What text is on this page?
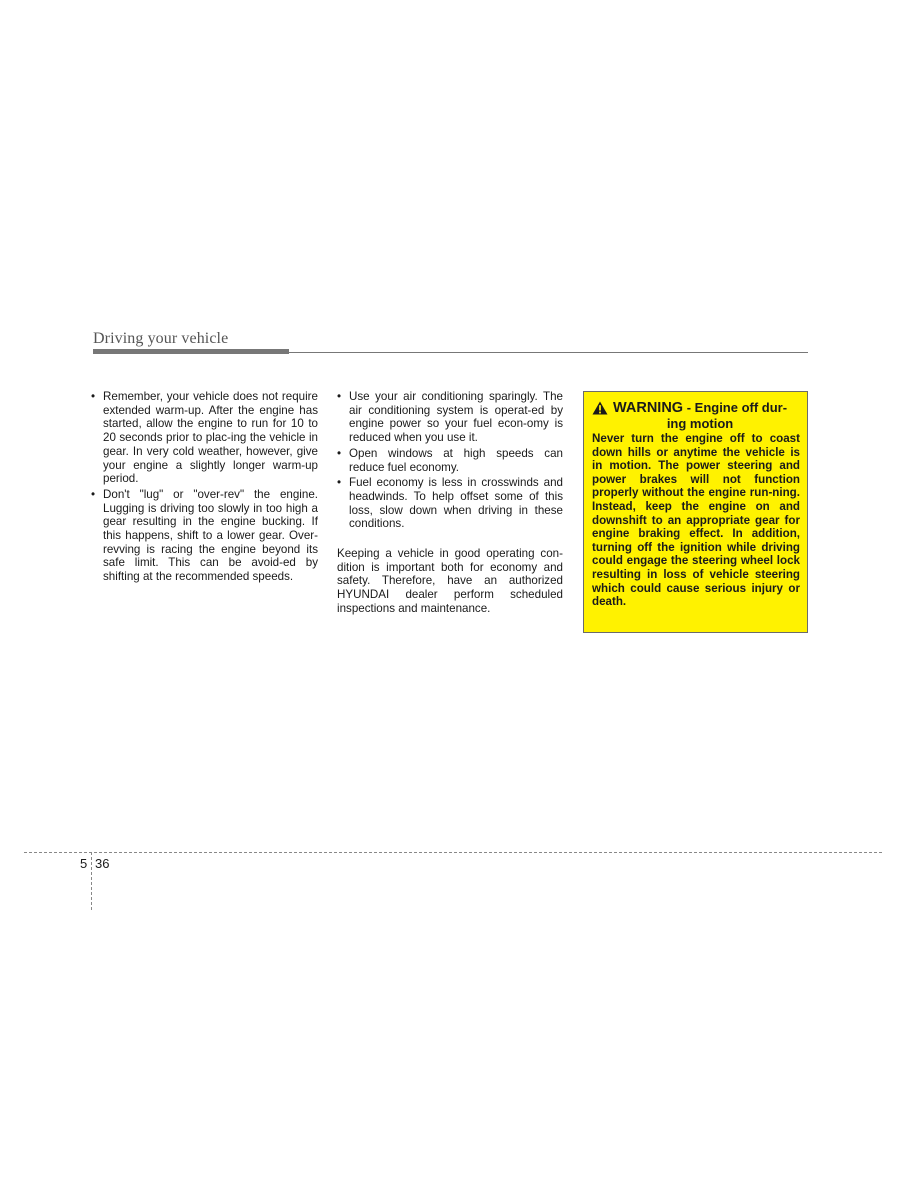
Driving your vehicle
• Remember, your vehicle does not require extended warm-up. After the engine has started, allow the engine to run for 10 to 20 seconds prior to plac-ing the vehicle in gear. In very cold weather, however, give your engine a slightly longer warm-up period.
• Don't "lug" or "over-rev" the engine. Lugging is driving too slowly in too high a gear resulting in the engine bucking. If this happens, shift to a lower gear. Over-revving is racing the engine beyond its safe limit. This can be avoid-ed by shifting at the recommended speeds.
• Use your air conditioning sparingly. The air conditioning system is operat-ed by engine power so your fuel econ-omy is reduced when you use it.
• Open windows at high speeds can reduce fuel economy.
• Fuel economy is less in crosswinds and headwinds. To help offset some of this loss, slow down when driving in these conditions.

Keeping a vehicle in good operating con-dition is important both for economy and safety. Therefore, have an authorized HYUNDAI dealer perform scheduled inspections and maintenance.

WARNING - Engine off dur-
ing motion
Never turn the engine off to coast down hills or anytime the vehicle is in motion. The power steering and power brakes will not function properly without the engine run-ning. Instead, keep the engine on and downshift to an appropriate gear for engine braking effect. In addition, turning off the ignition while driving could engage the steering wheel lock resulting in loss of vehicle steering which could cause serious injury or death.
5 36
